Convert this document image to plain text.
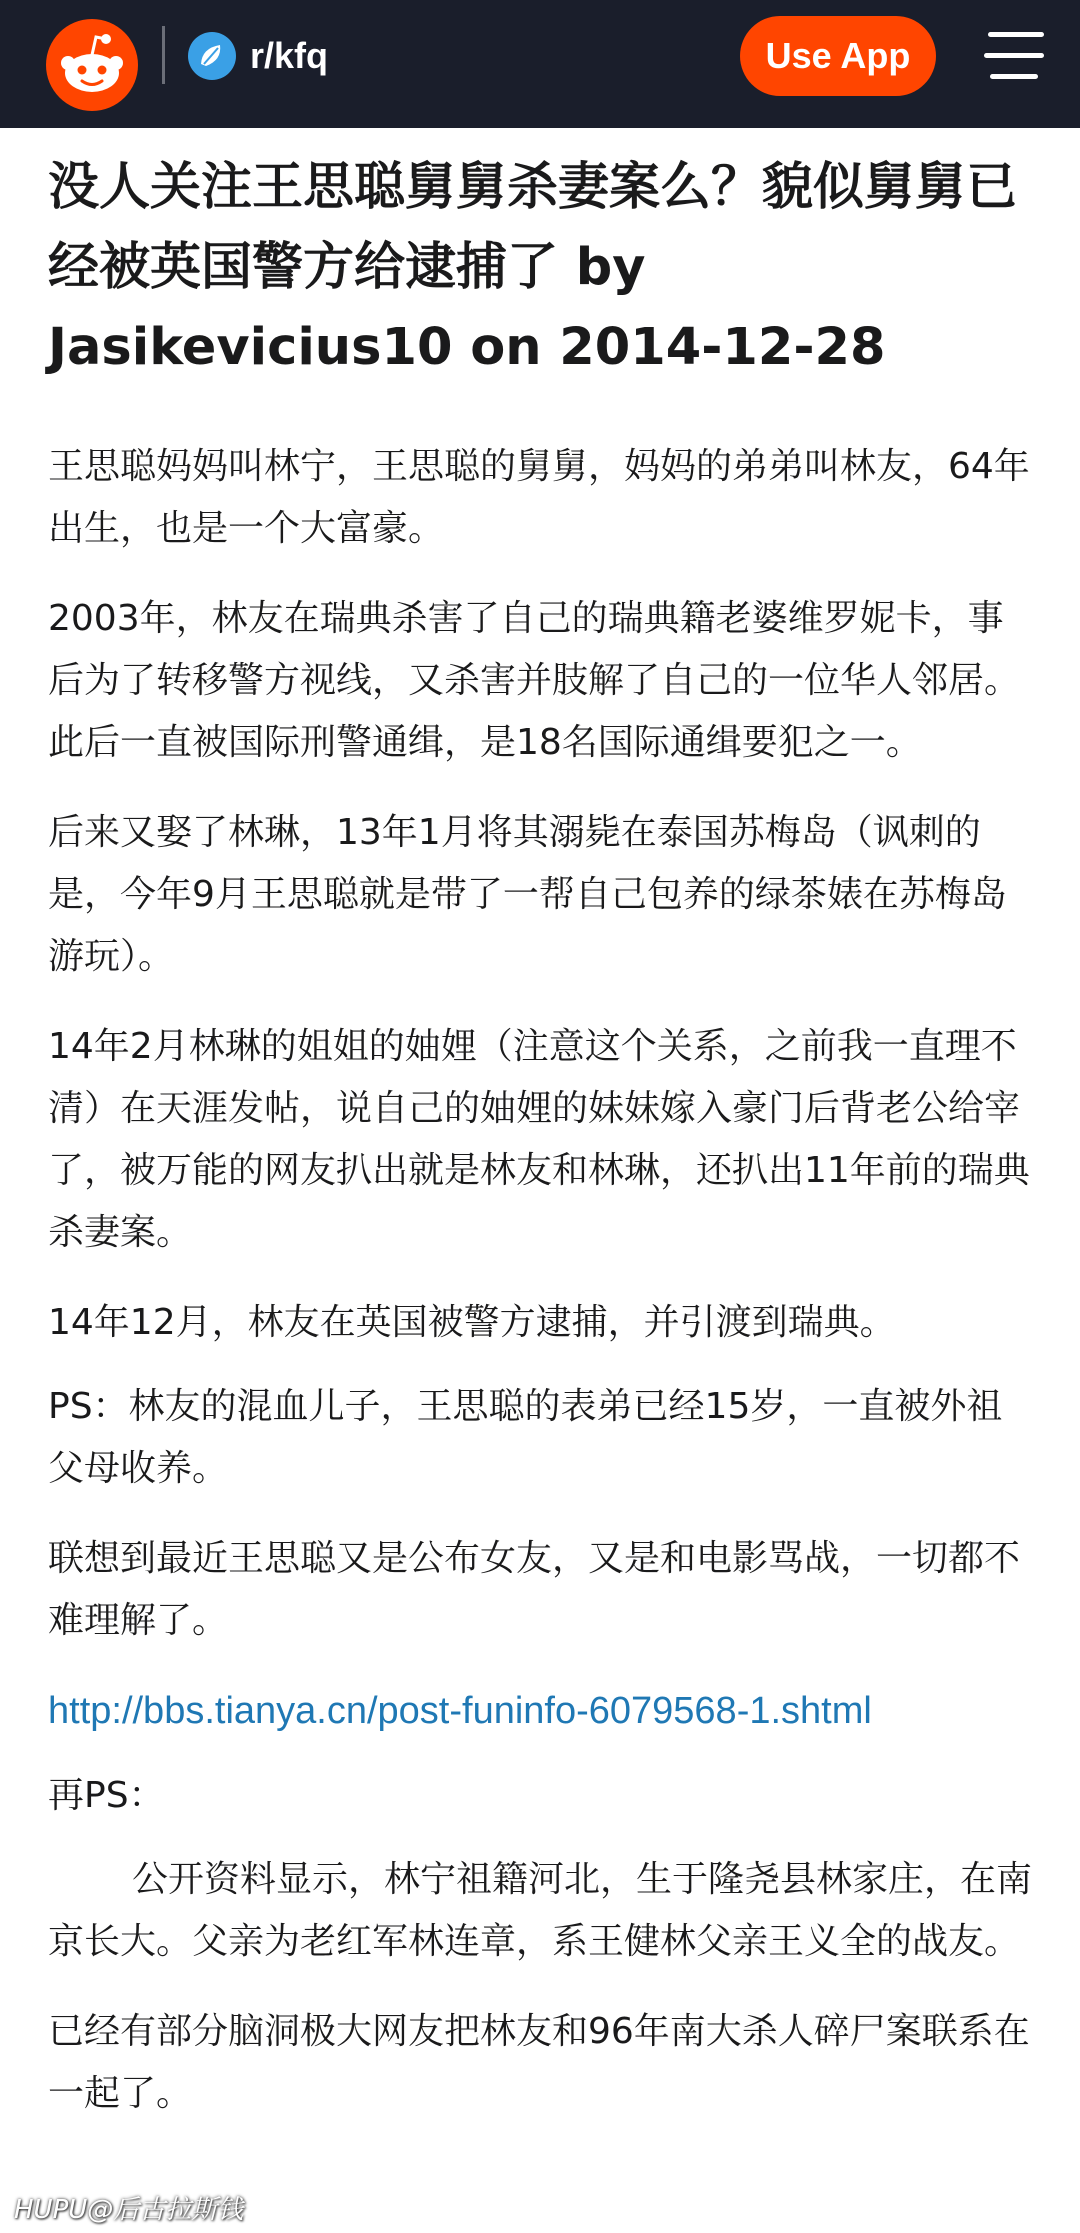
r/kfq	Use App
没人关注王思聪舅舅杀妻案么？貌似舅舅已经被英国警方给逮捕了 by Jasikevicius10 on 2014-12-28

王思聪妈妈叫林宁，王思聪的舅舅，妈妈的弟弟叫林友，64年出生，也是一个大富豪。

2003年，林友在瑞典杀害了自己的瑞典籍老婆维罗妮卡，事后为了转移警方视线，又杀害并肢解了自己的一位华人邻居。此后一直被国际刑警通缉，是18名国际通缉要犯之一。

后来又娶了林琳，13年1月将其溺毙在泰国苏梅岛（讽刺的是，今年9月王思聪就是带了一帮自己包养的绿茶婊在苏梅岛游玩）。

14年2月林琳的姐姐的妯娌（注意这个关系，之前我一直理不清）在天涯发帖，说自己的妯娌的妹妹嫁入豪门后背老公给宰了，被万能的网友扒出就是林友和林琳，还扒出11年前的瑞典杀妻案。

14年12月，林友在英国被警方逮捕，并引渡到瑞典。

PS：林友的混血儿子，王思聪的表弟已经15岁，一直被外祖父母收养。

联想到最近王思聪又是公布女友，又是和电影骂战，一切都不难理解了。

http://bbs.tianya.cn/post-funinfo-6079568-1.shtml

再PS：

公开资料显示，林宁祖籍河北，生于隆尧县林家庄，在南京长大。父亲为老红军林连章，系王健林父亲王义全的战友。

已经有部分脑洞极大网友把林友和96年南大杀人碎尸案联系在一起了。

HUPU@后古拉斯钱
